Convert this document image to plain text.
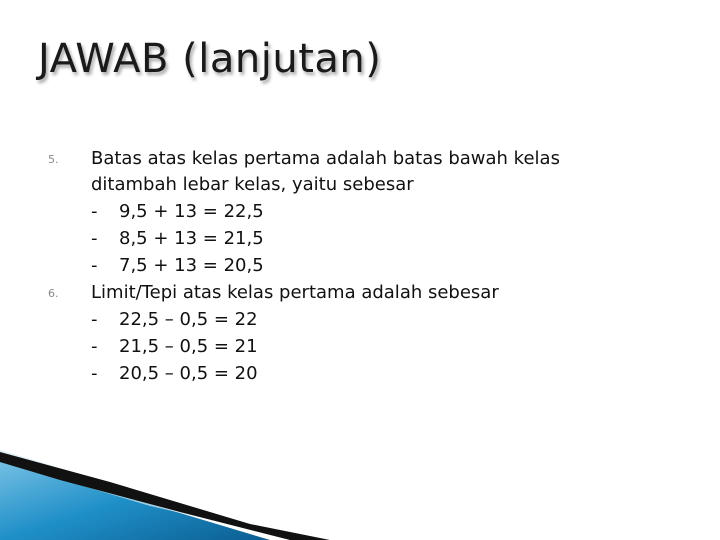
JAWAB (lanjutan)
5. Batas atas kelas pertama adalah batas bawah kelas
ditambah lebar kelas, yaitu sebesar
- 9,5 + 13 = 22,5
- 8,5 + 13 = 21,5
- 7,5 + 13 = 20,5
6. Limit/Tepi atas kelas pertama adalah sebesar
- 22,5 – 0,5 = 22
- 21,5 – 0,5 = 21
- 20,5 – 0,5 = 20
